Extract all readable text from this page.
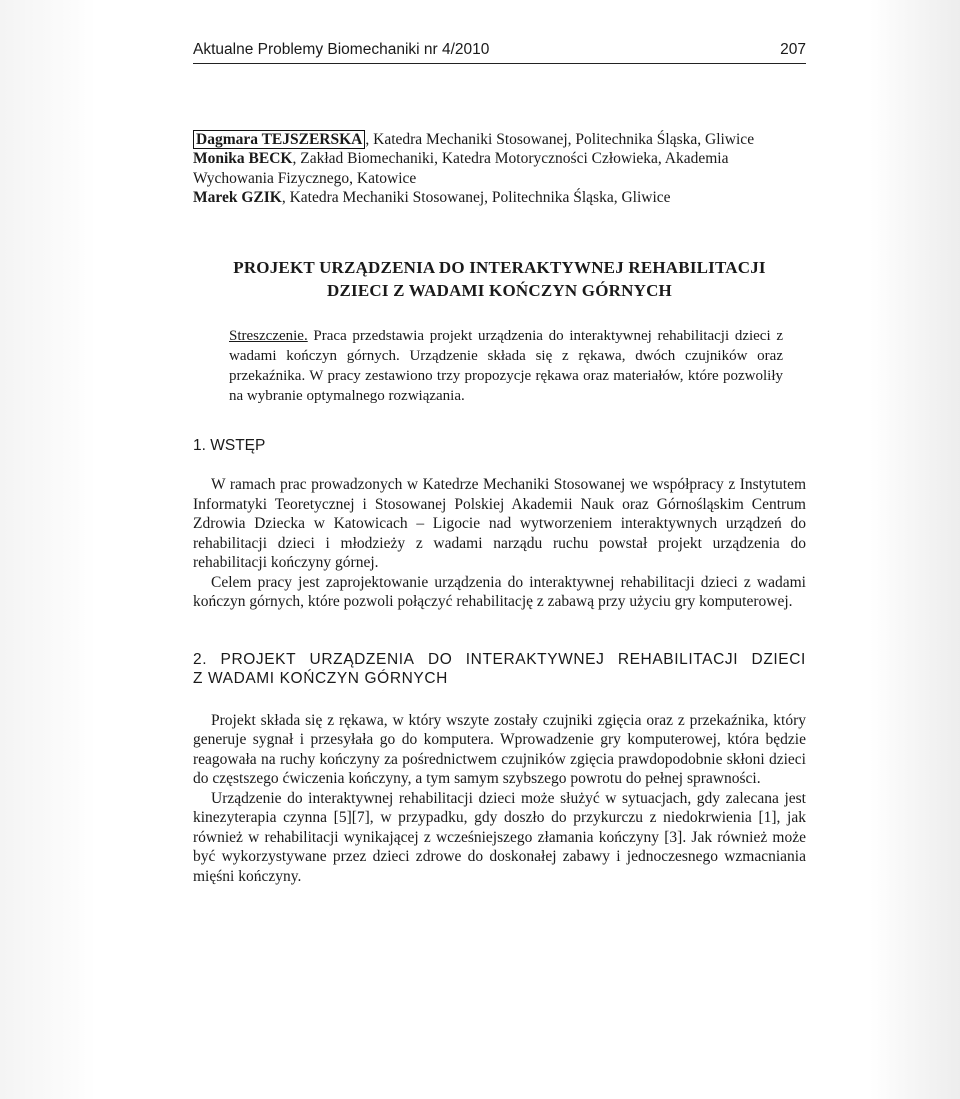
Aktualne Problemy Biomechaniki nr 4/2010	207

Dagmara TEJSZERSKA , Katedra Mechaniki Stosowanej, Politechnika Śląska, Gliwice

Monika BECK, Zakład Biomechaniki, Katedra Motoryczności Człowieka, Akademia Wychowania Fizycznego, Katowice

Marek GZIK, Katedra Mechaniki Stosowanej, Politechnika Śląska, Gliwice

PROJEKT URZĄDZENIA DO INTERAKTYWNEJ REHABILITACJI
DZIECI Z WADAMI KOŃCZYN GÓRNYCH
Streszczenie. Praca przedstawia projekt urządzenia do interaktywnej rehabilitacji dzieci z wadami kończyn górnych. Urządzenie składa się z rękawa, dwóch czujników oraz przekaźnika. W pracy zestawiono trzy propozycje rękawa oraz materiałów, które pozwoliły na wybranie optymalnego rozwiązania.
1. WSTĘP

W ramach prac prowadzonych w Katedrze Mechaniki Stosowanej we współpracy z Instytutem Informatyki Teoretycznej i Stosowanej Polskiej Akademii Nauk oraz Górnośląskim Centrum Zdrowia Dziecka w Katowicach – Ligocie nad wytworzeniem interaktywnych urządzeń do rehabilitacji dzieci i młodzieży z wadami narządu ruchu powstał projekt urządzenia do rehabilitacji kończyny górnej.

Celem pracy jest zaprojektowanie urządzenia do interaktywnej rehabilitacji dzieci z wadami kończyn górnych, które pozwoli połączyć rehabilitację z zabawą przy użyciu gry komputerowej.

2. PROJEKT URZĄDZENIA DO INTERAKTYWNEJ REHABILITACJI DZIECI
Z WADAMI KOŃCZYN GÓRNYCH

Projekt składa się z rękawa, w który wszyte zostały czujniki zgięcia oraz z przekaźnika, który generuje sygnał i przesyłała go do komputera. Wprowadzenie gry komputerowej, która będzie reagowała na ruchy kończyny za pośrednictwem czujników zgięcia prawdopodobnie skłoni dzieci do częstszego ćwiczenia kończyny, a tym samym szybszego powrotu do pełnej sprawności.

Urządzenie do interaktywnej rehabilitacji dzieci może służyć w sytuacjach, gdy zalecana jest kinezyterapia czynna [5][7], w przypadku, gdy doszło do przykurczu z niedokrwienia [1], jak również w rehabilitacji wynikającej z wcześniejszego złamania kończyny [3]. Jak również może być wykorzystywane przez dzieci zdrowe do doskonałej zabawy i jednoczesnego wzmacniania mięśni kończyny.
